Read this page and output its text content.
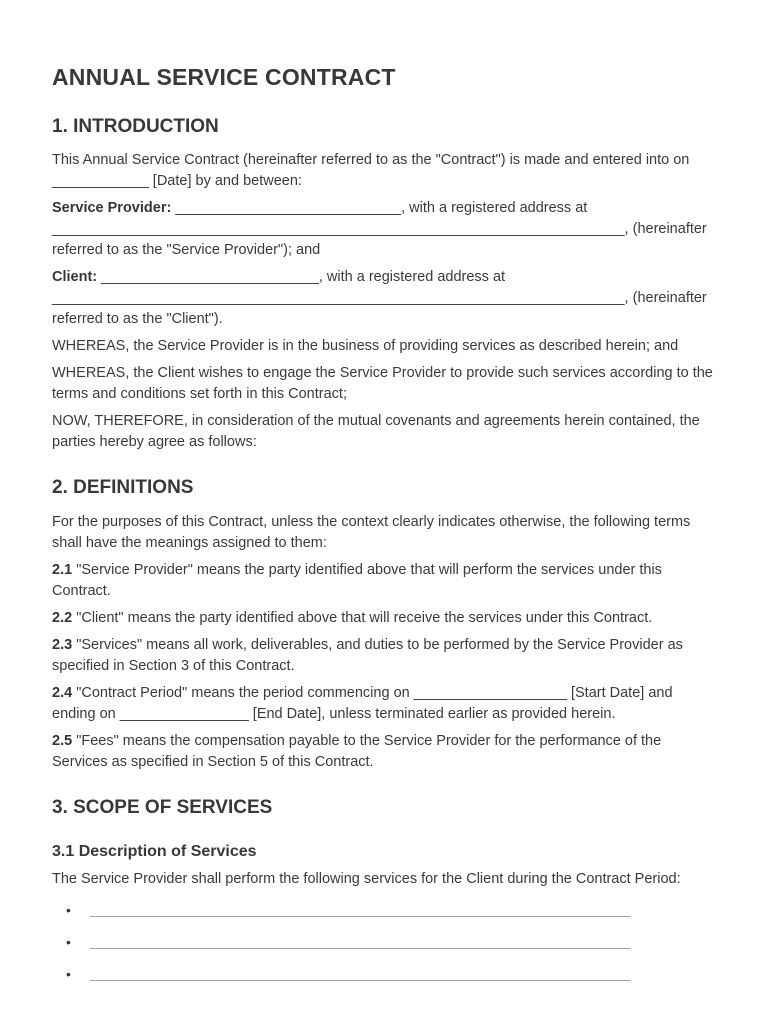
ANNUAL SERVICE CONTRACT
1. INTRODUCTION

This Annual Service Contract (hereinafter referred to as the "Contract") is made and entered into on ____________ [Date] by and between:

Service Provider: ____________________________, with a registered address at _______________________________________________________________________, (hereinafter referred to as the "Service Provider"); and

Client: ___________________________, with a registered address at _______________________________________________________________________, (hereinafter referred to as the "Client").

WHEREAS, the Service Provider is in the business of providing services as described herein; and

WHEREAS, the Client wishes to engage the Service Provider to provide such services according to the terms and conditions set forth in this Contract;

NOW, THEREFORE, in consideration of the mutual covenants and agreements herein contained, the parties hereby agree as follows:

2. DEFINITIONS

For the purposes of this Contract, unless the context clearly indicates otherwise, the following terms shall have the meanings assigned to them:

2.1 "Service Provider" means the party identified above that will perform the services under this Contract.

2.2 "Client" means the party identified above that will receive the services under this Contract.

2.3 "Services" means all work, deliverables, and duties to be performed by the Service Provider as specified in Section 3 of this Contract.

2.4 "Contract Period" means the period commencing on ___________________ [Start Date] and ending on ________________ [End Date], unless terminated earlier as provided herein.

2.5 "Fees" means the compensation payable to the Service Provider for the performance of the Services as specified in Section 5 of this Contract.

3. SCOPE OF SERVICES
3.1 Description of Services

The Service Provider shall perform the following services for the Client during the Contract Period:

• ___________________________________________________________________
• ___________________________________________________________________
• ___________________________________________________________________
